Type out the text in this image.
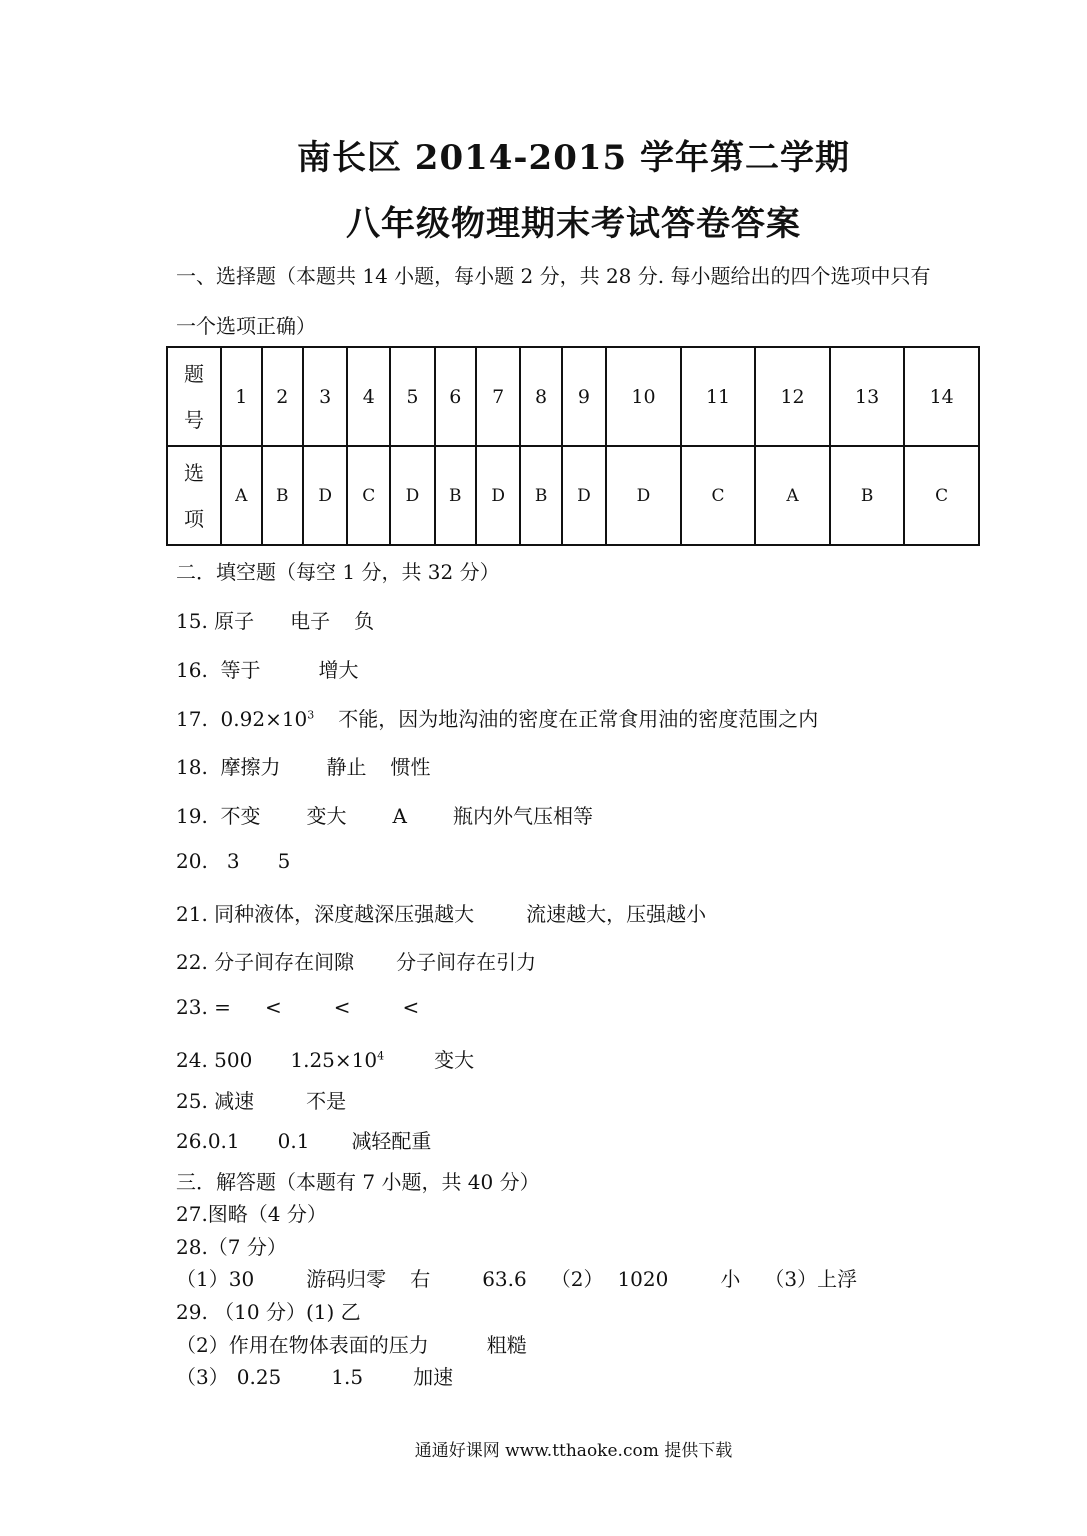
南长区 2014-2015 学年第二学期
八年级物理期末考试答卷答案
一、选择题（本题共 14 小题，每小题 2 分，共 28 分. 每小题给出的四个选项中只有
一个选项正确）
题
号	1	2	3	4	5	6	7	8	9	10	11	12	13	14

选
项	A	B	D	C	D	B	D	B	D	D	C	A	B	C
二．填空题（每空 1 分，共 32 分）
15. 原子 电子 负
16. 等于	增大
17. $0.92\times 10^3$ 不能，因为地沟油的密度在正常食用油的密度范围之内
18. 摩擦力 静止 惯性
19. 不变 变大 A 瓶内外气压相等
20. 3 5
21. 同种液体，深度越深压强越大	流速越大，压强越小
22. 分子间存在间隙 分子间存在引力
23. = <	<	<
24. 500 $1.25\times 10^4$	变大
25. 减速	不是
26.0.1 0.1 减轻配重
三．解答题（本题有 7 小题，共 40 分）
27.图略（4 分）
28.（7 分）
（1）30	游码归零 右	63.6 （2） 1020	小 （3）上浮
29. （10 分）(1) 乙
（2）作用在物体表面的压力	粗糙
（3） 0.25	1.5	加速
通通好课网 www.tthaoke.com 提供下载
